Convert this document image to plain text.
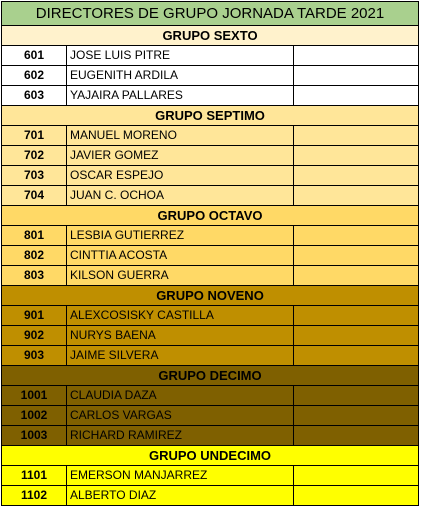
DIRECTORES DE GRUPO JORNADA TARDE 2021
GRUPO SEXTO
601	JOSE LUIS PITRE
602	EUGENITH ARDILA
603	YAJAIRA PALLARES
GRUPO SEPTIMO
701	MANUEL MORENO
702	JAVIER GOMEZ
703	OSCAR ESPEJO
704	JUAN C. OCHOA
GRUPO OCTAVO
801	LESBIA GUTIERREZ
802	CINTTIA ACOSTA
803	KILSON GUERRA
GRUPO NOVENO
901	ALEXCOSISKY CASTILLA
902	NURYS BAENA
903	JAIME SILVERA
GRUPO DECIMO
1001	CLAUDIA DAZA
1002	CARLOS VARGAS
1003	RICHARD RAMIREZ
GRUPO UNDECIMO
1101	EMERSON MANJARREZ
1102	ALBERTO DIAZ
